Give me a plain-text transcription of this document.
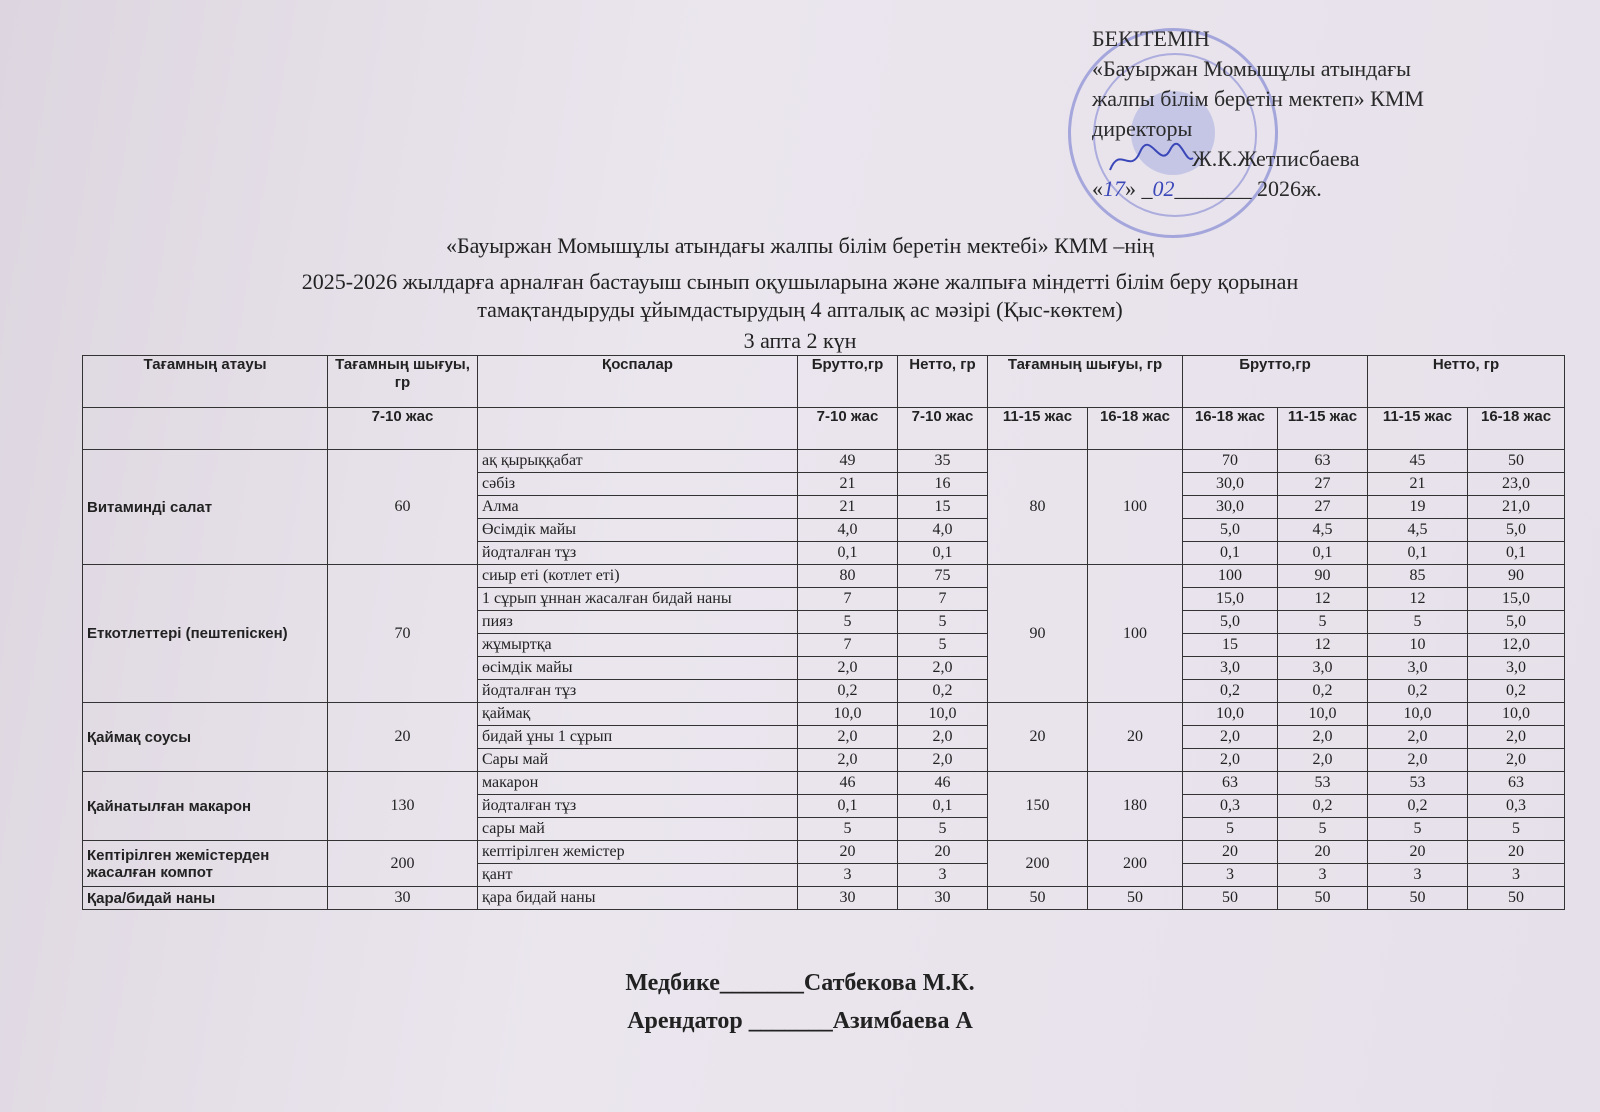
БЕКІТЕМІН
«Бауыржан Момышұлы атындағы
жалпы білім беретін мектеп» КММ
директоры
Ж.К.Жетписбаева
«17» _02_______ 2026ж.
«Бауыржан Момышұлы атындағы жалпы білім беретін мектебі» КММ –нің
2025-2026 жылдарға арналған бастауыш сынып оқушыларына және жалпыға міндетті білім беру қорынан
тамақтандыруды ұйымдастырудың 4 апталық ас мәзірі (Қыс-көктем)
3 апта 2 күн
Тағамның атауы	Тағамның шығуы, гр	Қоспалар	Брутто,гр	Нетто, гр	Тағамның шығуы, гр		Брутто,гр		Нетто, гр	
	7-10 жас		7-10 жас	7-10 жас	11-15 жас	16-18 жас	16-18 жас	11-15 жас	11-15 жас	16-18 жас
Витаминді салат	60	ақ қырыққабат	49	35	80	100	70	63	45	50
		сәбіз	21	16			30,0	27	21	23,0
		Алма	21	15			30,0	27	19	21,0
		Өсімдік майы	4,0	4,0			5,0	4,5	4,5	5,0
		йодталған тұз	0,1	0,1			0,1	0,1	0,1	0,1
Еткотлеттері (пештепіскен)	70	сиыр еті (котлет еті)	80	75	90	100	100	90	85	90
		1 сұрып ұннан жасалған бидай наны	7	7			15,0	12	12	15,0
		пияз	5	5			5,0	5	5	5,0
		жұмыртқа	7	5			15	12	10	12,0
		өсімдік майы	2,0	2,0			3,0	3,0	3,0	3,0
		йодталған тұз	0,2	0,2			0,2	0,2	0,2	0,2
Қаймақ соусы	20	қаймақ	10,0	10,0	20	20	10,0	10,0	10,0	10,0
		бидай ұны 1 сұрып	2,0	2,0			2,0	2,0	2,0	2,0
		Сары май	2,0	2,0			2,0	2,0	2,0	2,0
Қайнатылған макарон	130	макарон	46	46	150	180	63	53	53	63
		йодталған тұз	0,1	0,1			0,3	0,2	0,2	0,3
		сары май	5	5			5	5	5	5
Кептірілген жемістерден жасалған компот	200	кептірілген жемістер	20	20	200	200	20	20	20	20
		қант	3	3			3	3	3	3
Қара/бидай наны	30	қара бидай наны	30	30	50	50	50	50	50	50
Медбике_______Сатбекова М.К.
Арендатор _______Азимбаева А
